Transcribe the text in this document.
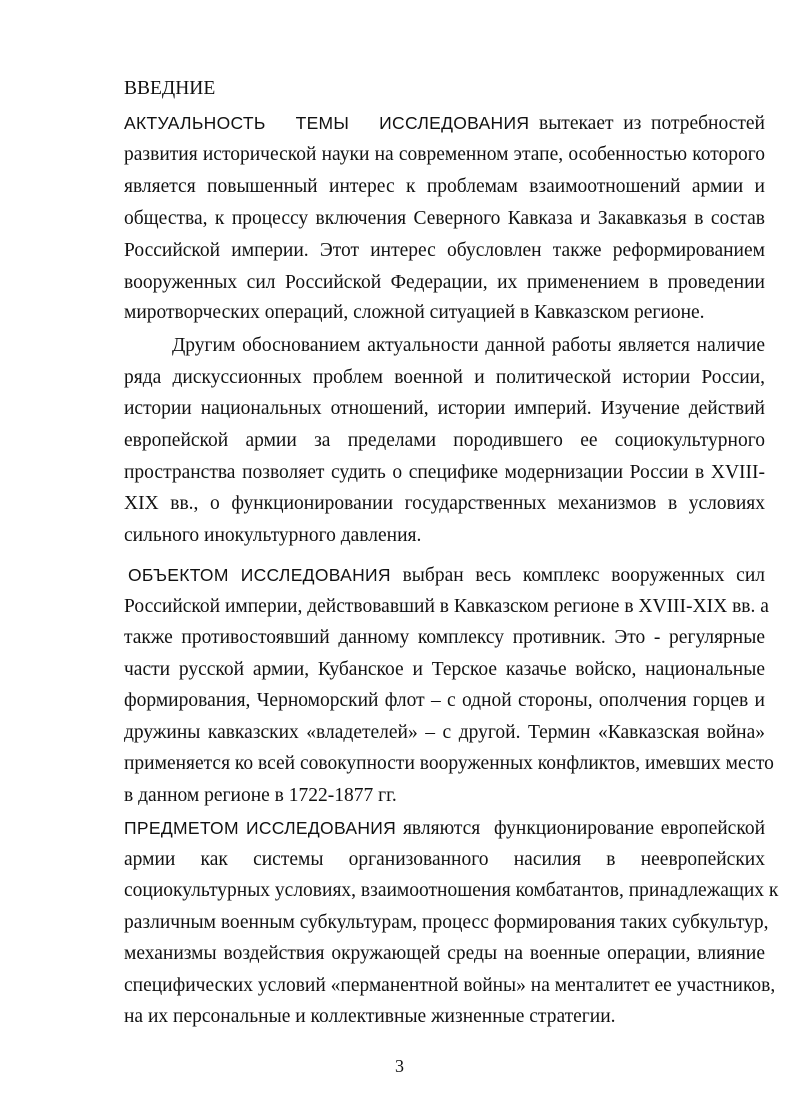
ВВЕДНИЕ
АКТУАЛЬНОСТЬ   ТЕМЫ   ИССЛЕДОВАНИЯ вытекает из потребностей
развития исторической науки на современном этапе, особенностью которого
является повышенный интерес к проблемам взаимоотношений армии и
общества, к процессу включения Северного Кавказа и Закавказья в состав
Российской империи. Этот интерес обусловлен также реформированием
вооруженных сил Российской Федерации, их применением в проведении
миротворческих операций, сложной ситуацией в Кавказском регионе.
Другим обоснованием актуальности данной работы является наличие
ряда дискуссионных проблем военной и политической истории России,
истории национальных отношений, истории империй. Изучение действий
европейской армии за пределами породившего ее социокультурного
пространства позволяет судить о специфике модернизации России в XVIII-
XIX вв., о функционировании государственных механизмов в условиях
сильного инокультурного давления.
ОБЪЕКТОМ ИССЛЕДОВАНИЯ выбран весь комплекс вооруженных сил
Российской империи, действовавший в Кавказском регионе в XVIII-XIX вв. а
также противостоявший данному комплексу противник. Это - регулярные
части русской армии, Кубанское и Терское казачье войско, национальные
формирования, Черноморский флот – с одной стороны, ополчения горцев и
дружины кавказских «владетелей» – с другой. Термин «Кавказская война»
применяется ко всей совокупности вооруженных конфликтов, имевших место
в данном регионе в 1722-1877 гг.
ПРЕДМЕТОМ ИССЛЕДОВАНИЯ являются  функционирование европейской
армии как системы организованного насилия в неевропейских
социокультурных условиях, взаимоотношения комбатантов, принадлежащих к
различным военным субкультурам, процесс формирования таких субкультур,
механизмы воздействия окружающей среды на военные операции, влияние
специфических условий «перманентной войны» на менталитет ее участников,
на их персональные и коллективные жизненные стратегии.
3
